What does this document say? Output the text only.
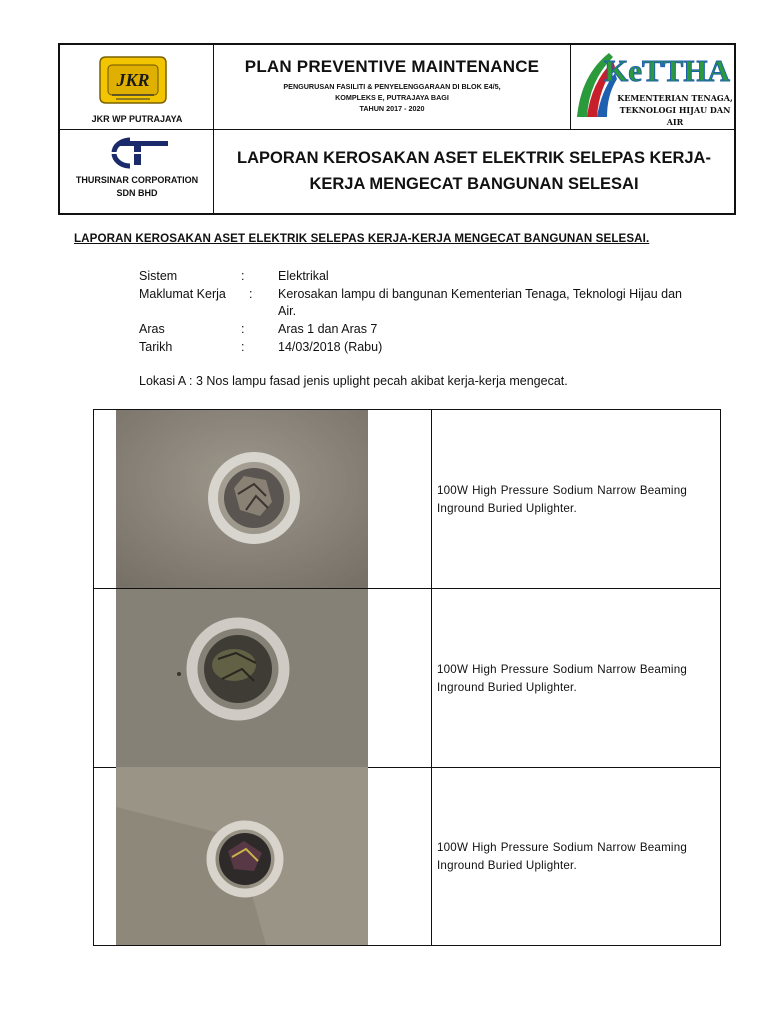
JKR
JKR WP PUTRAJAYA
THURSINAR CORPORATION
SDN BHD
PLAN PREVENTIVE MAINTENANCE
PENGURUSAN FASILITI & PENYELENGGARAAN DI BLOK E4/5,
KOMPLEKS E, PUTRAJAYA BAGI
TAHUN 2017 - 2020
LAPORAN KEROSAKAN ASET ELEKTRIK SELEPAS KERJA-
KERJA MENGECAT BANGUNAN SELESAI
KeTTHA
KEMENTERIAN TENAGA,
TEKNOLOGI HIJAU DAN AIR
LAPORAN KEROSAKAN ASET ELEKTRIK SELEPAS KERJA-KERJA MENGECAT BANGUNAN SELESAI.
Sistem	:	Elektrikal
Maklumat Kerja : Kerosakan lampu di bangunan Kementerian Tenaga, Teknologi Hijau dan Air.
Aras	:	Aras 1 dan Aras 7
Tarikh	:	14/03/2018 (Rabu)
Lokasi A : 3 Nos lampu fasad jenis uplight pecah akibat kerja-kerja mengecat.
100W High Pressure Sodium Narrow Beaming Inground Buried Uplighter.
100W High Pressure Sodium Narrow Beaming Inground Buried Uplighter.
100W High Pressure Sodium Narrow Beaming Inground Buried Uplighter.
